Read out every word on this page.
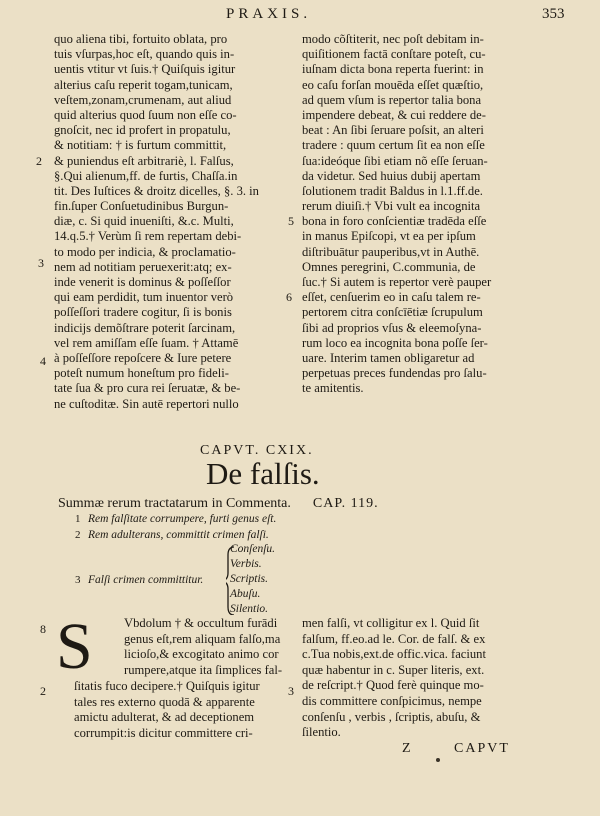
PRAXIS.	353
quo aliena tibi, fortuito oblata, pro
tuis vſurpas,hoc eſt, quando quis in-
uentis vtitur vt ſuis.† Quiſquis igitur
alterius caſu reperit togam,tunicam,
veſtem,zonam,crumenam, aut aliud
quid alterius quod ſuum non eſſe co-
gnoſcit, nec id profert in propatulu,
& notitiam: † is furtum committit,
& puniendus eſt arbitrariè, l. Falſus,
§.Qui alienum,ff. de furtis, Chaſſa.in
tit. Des Iuſtices & droitz dicelles, §. 3. in
fin.ſuper Conſuetudinibus Burgun-
diæ, c. Si quid inueniſti, &.c. Multi,
14.q.5.† Verùm ſi rem repertam debi-
to modo per indicia, & proclamatio-
nem ad notitiam peruexerit:atq; ex-
inde venerit is dominus & poſſeſſor
qui eam perdidit, tum inuentor verò
poſſeſſori tradere cogitur, ſi is bonis
indicijs demõſtrare poterit ſarcinam,
vel rem amiſſam eſſe ſuam. † Attamē
à poſſeſſore repoſcere & Iure petere
poteſt numum honeſtum pro fideli-
tate ſua & pro cura rei ſeruatæ, & be-
ne cuſtoditæ. Sin autē repertori nullo
modo cõſtiterit, nec poſt debitam in-
quiſitionem factā conſtare poteſt, cu-
iuſnam dicta bona reperta fuerint: in
eo caſu forſan mouēda eſſet quæſtio,
ad quem vſum is repertor talia bona
impendere debeat, & cui reddere de-
beat : An ſibi ſeruare poſsit, an alteri
tradere : quum certum ſit ea non eſſe
ſua:ideóque ſibi etiam nõ eſſe ſeruan-
da videtur. Sed huius dubij apertam
ſolutionem tradit Baldus in l.1.ff.de.
rerum diuiſi.† Vbi vult ea incognita
bona in foro conſcientiæ tradēda eſſe
in manus Epiſcopi, vt ea per ipſum
diſtribuātur pauperibus,vt in Authē.
Omnes peregrini, C.communia, de
ſuc.† Si autem is repertor verè pauper
eſſet, cenſuerim eo in caſu talem re-
pertorem citra conſcīētiæ ſcrupulum
ſibi ad proprios vſus & eleemoſyna-
rum loco ea incognita bona poſſe ſer-
uare. Interim tamen obligaretur ad
perpetuas preces fundendas pro ſalu-
te amitentis.
2
3
4
5
6
8
2	3
CAPVT. CXIX.
De falſis.
Summæ rerum tractatarum in Commenta. CAP. 119.
1 Rem falſitate corrumpere, furti genus eſt.
2 Rem adulterans, committit crimen falſi.
3 Falſi crimen committitur.
Conſenſu.
Verbis.
Scriptis.
Abuſu.
Silentio.
S Vbdolum † & occultum furādi
genus eſt,rem aliquam falſo,ma
licioſo,& excogitato animo cor
rumpere,atque ita ſimplices fal-
ſitatis fuco decipere.† Quiſquis igitur
tales res externo quodā & apparente
amictu adulterat, & ad deceptionem
corrumpit:is dicitur committere cri-
men falſi, vt colligitur ex l. Quid ſit
falſum, ff.eo.ad le. Cor. de falſ. & ex
c.Tua nobis,ext.de offic.vica. faciunt
quæ habentur in c. Super literis, ext.
de reſcript.† Quod ferè quinque mo-
dis committere conſpicimus, nempe
conſenſu , verbis , ſcriptis, abuſu, &
ſilentio.
Z	CAPVT
